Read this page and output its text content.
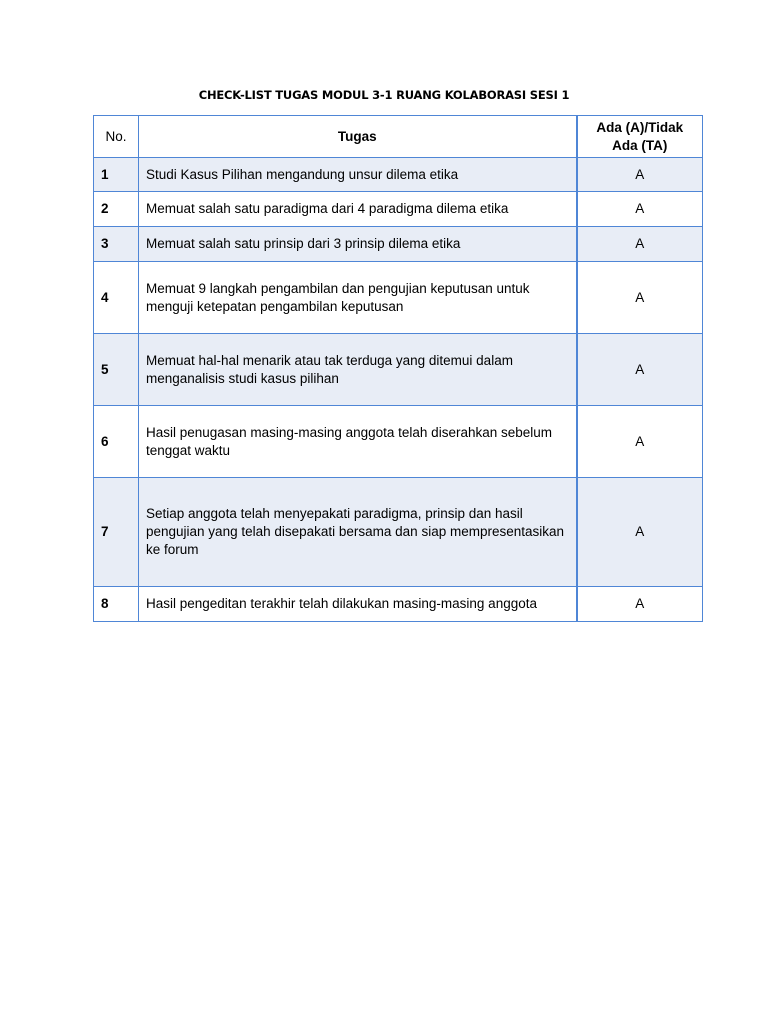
CHECK-LIST TUGAS MODUL 3-1 RUANG KOLABORASI SESI 1
No.	Tugas	Ada (A)/Tidak Ada (TA)
1	Studi Kasus Pilihan mengandung unsur dilema etika	A
2	Memuat salah satu paradigma dari 4 paradigma dilema etika	A
3	Memuat salah satu prinsip dari 3 prinsip dilema etika	A
4	Memuat 9 langkah pengambilan dan pengujian keputusan untuk menguji ketepatan pengambilan keputusan	A
5	Memuat hal-hal menarik atau tak terduga yang ditemui dalam menganalisis studi kasus pilihan	A
6	Hasil penugasan masing-masing anggota telah diserahkan sebelum tenggat waktu	A
7	Setiap anggota telah menyepakati paradigma, prinsip dan hasil pengujian yang telah disepakati bersama dan siap mempresentasikan ke forum	A
8	Hasil pengeditan terakhir telah dilakukan masing-masing anggota	A
